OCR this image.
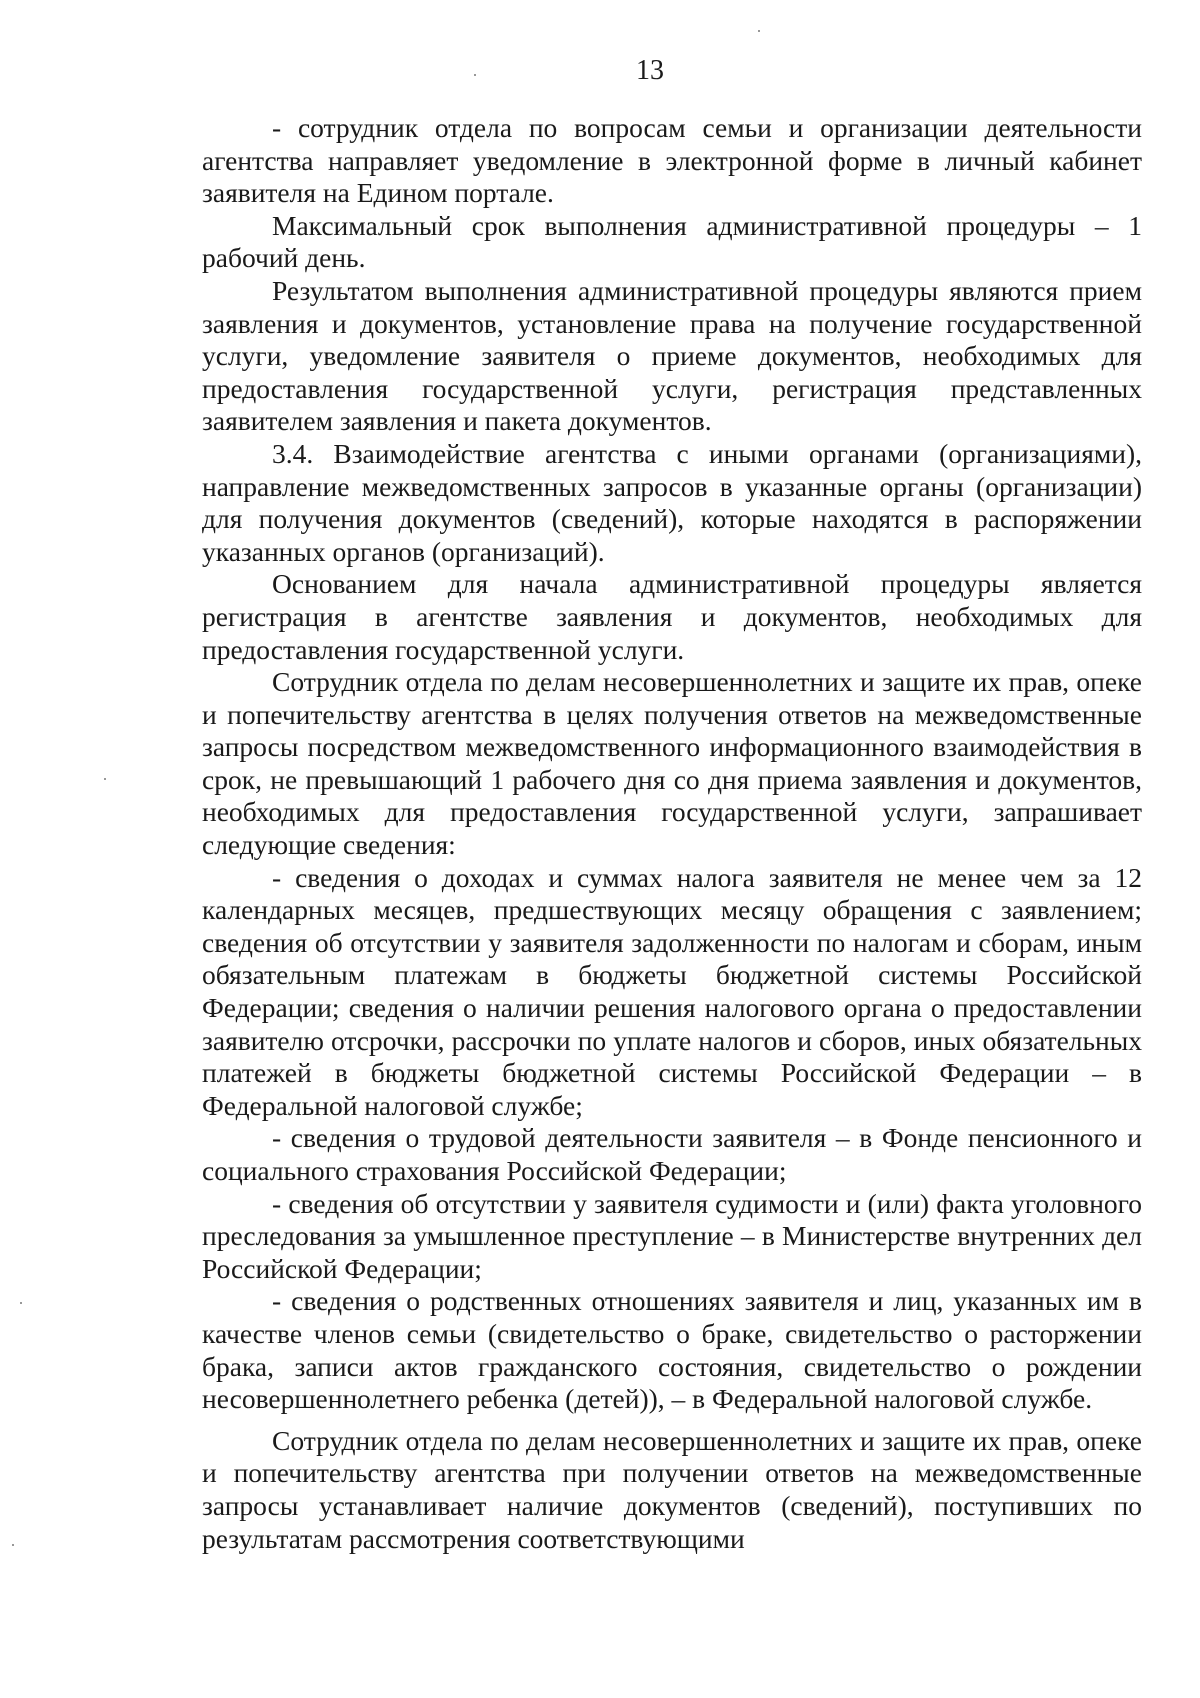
13

- сотрудник отдела по вопросам семьи и организации деятельности агентства направляет уведомление в электронной форме в личный кабинет заявителя на Едином портале.

Максимальный срок выполнения административной процедуры – 1 рабочий день.

Результатом выполнения административной процедуры являются прием заявления и документов, установление права на получение государственной услуги, уведомление заявителя о приеме документов, необходимых для предоставления государственной услуги, регистрация представленных заявителем заявления и пакета документов.

3.4. Взаимодействие агентства с иными органами (организациями), направление межведомственных запросов в указанные органы (организации) для получения документов (сведений), которые находятся в распоряжении указанных органов (организаций).

Основанием для начала административной процедуры является регистрация в агентстве заявления и документов, необходимых для предоставления государственной услуги.

Сотрудник отдела по делам несовершеннолетних и защите их прав, опеке и попечительству агентства в целях получения ответов на межведомственные запросы посредством межведомственного информационного взаимодействия в срок, не превышающий 1 рабочего дня со дня приема заявления и документов, необходимых для предоставления государственной услуги, запрашивает следующие сведения:

- сведения о доходах и суммах налога заявителя не менее чем за 12 календарных месяцев, предшествующих месяцу обращения с заявлением; сведения об отсутствии у заявителя задолженности по налогам и сборам, иным обязательным платежам в бюджеты бюджетной системы Российской Федерации; сведения о наличии решения налогового органа о предоставлении заявителю отсрочки, рассрочки по уплате налогов и сборов, иных обязательных платежей в бюджеты бюджетной системы Российской Федерации – в Федеральной налоговой службе;

- сведения о трудовой деятельности заявителя – в Фонде пенсионного и социального страхования Российской Федерации;

- сведения об отсутствии у заявителя судимости и (или) факта уголовного преследования за умышленное преступление – в Министерстве внутренних дел Российской Федерации;

- сведения о родственных отношениях заявителя и лиц, указанных им в качестве членов семьи (свидетельство о браке, свидетельство о расторжении брака, записи актов гражданского состояния, свидетельство о рождении несовершеннолетнего ребенка (детей)), – в Федеральной налоговой службе.

Сотрудник отдела по делам несовершеннолетних и защите их прав, опеке и попечительству агентства при получении ответов на межведомственные запросы устанавливает наличие документов (сведений), поступивших по результатам рассмотрения соответствующими
